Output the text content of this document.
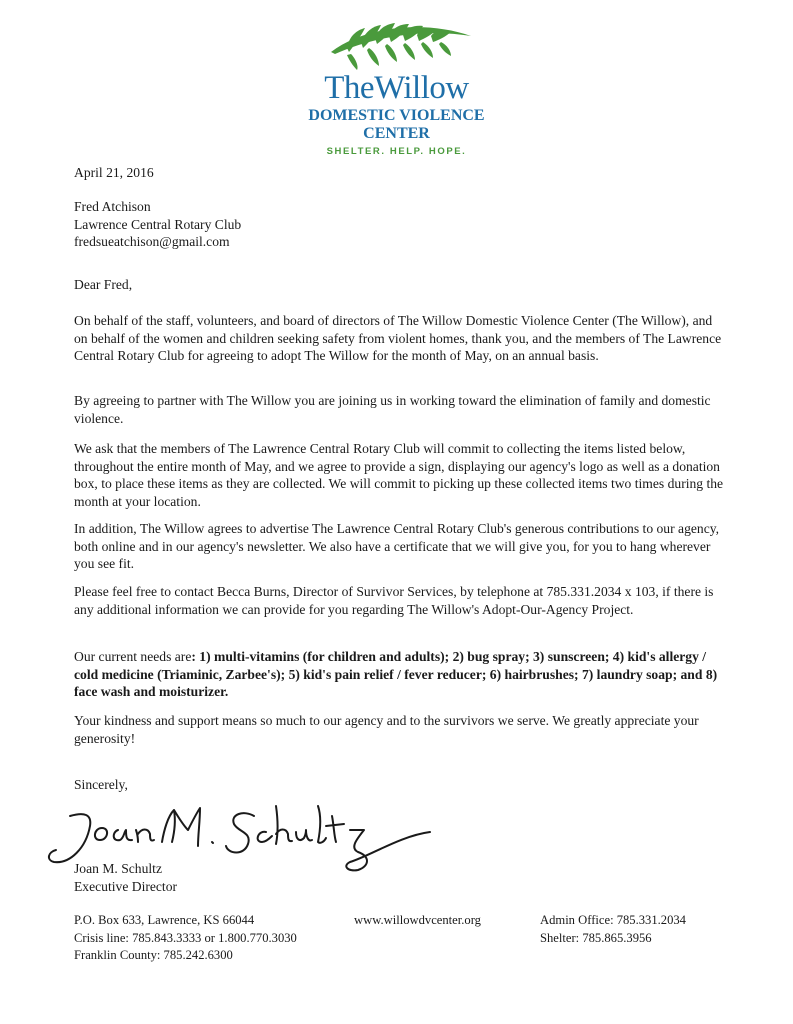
TheWillow
DOMESTIC VIOLENCE
CENTER
SHELTER. HELP. HOPE.
April 21, 2016
Fred Atchison
Lawrence Central Rotary Club
fredsueatchison@gmail.com
Dear Fred,
On behalf of the staff, volunteers, and board of directors of The Willow Domestic Violence Center (The Willow), and on behalf of the women and children seeking safety from violent homes, thank you, and the members of The Lawrence Central Rotary Club for agreeing to adopt The Willow for the month of May, on an annual basis.
By agreeing to partner with The Willow you are joining us in working toward the elimination of family and domestic violence.
We ask that the members of The Lawrence Central Rotary Club will commit to collecting the items listed below, throughout the entire month of May, and we agree to provide a sign, displaying our agency's logo as well as a donation box, to place these items as they are collected. We will commit to picking up these collected items two times during the month at your location.
In addition, The Willow agrees to advertise The Lawrence Central Rotary Club's generous contributions to our agency, both online and in our agency's newsletter. We also have a certificate that we will give you, for you to hang wherever you see fit.
Please feel free to contact Becca Burns, Director of Survivor Services, by telephone at 785.331.2034 x 103, if there is any additional information we can provide for you regarding The Willow's Adopt-Our-Agency Project.
Our current needs are: 1) multi-vitamins (for children and adults); 2) bug spray; 3) sunscreen; 4) kid's allergy / cold medicine (Triaminic, Zarbee's); 5) kid's pain relief / fever reducer; 6) hairbrushes; 7) laundry soap; and 8) face wash and moisturizer.
Your kindness and support means so much to our agency and to the survivors we serve. We greatly appreciate your generosity!
Sincerely,
Joan M. Schultz
Executive Director
P.O. Box 633, Lawrence, KS 66044
Crisis line: 785.843.3333 or 1.800.770.3030
Franklin County: 785.242.6300
www.willowdvcenter.org	Admin Office: 785.331.2034
Shelter: 785.865.3956
